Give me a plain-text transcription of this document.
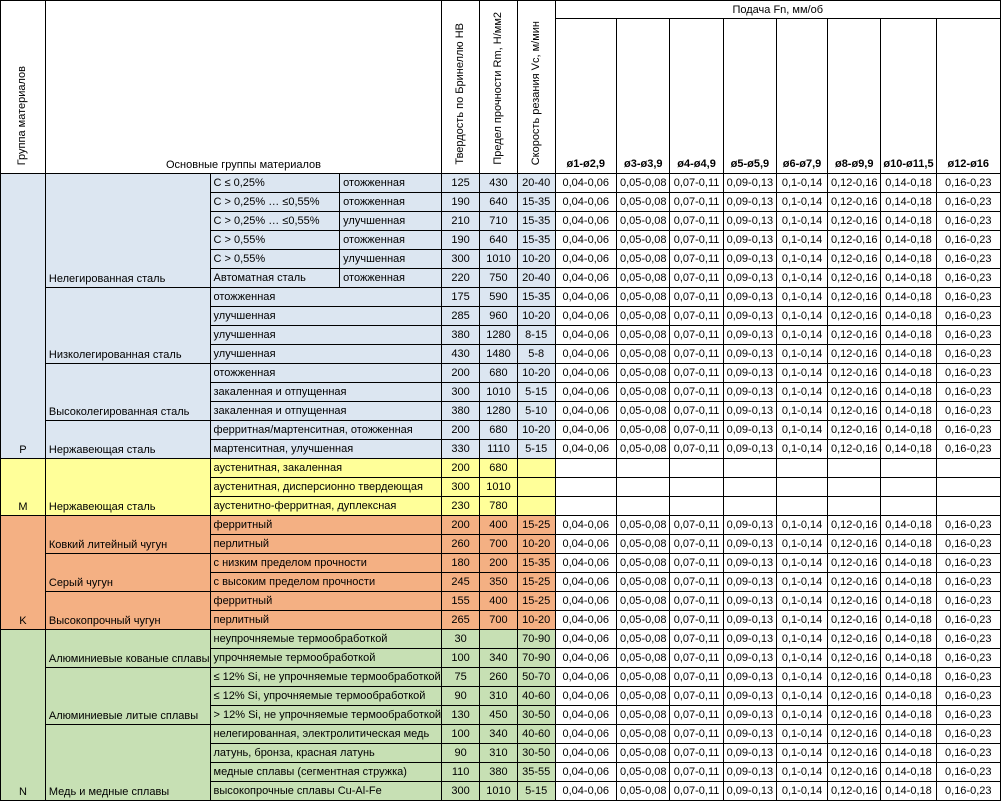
Группа материалов	Основные группы материалов			Твердость по Бринеллю HB	Предел прочности Rm, Н/мм2	Скорость резания Vc, м/мин	Подача Fn, мм/об							
							ø1-ø2,9	ø3-ø3,9	ø4-ø4,9	ø5-ø5,9	ø6-ø7,9	ø8-ø9,9	ø10-ø11,5	ø12-ø16
P	Нелегированная сталь	C ≤ 0,25%	отожженная	125	430	20-40	0,04-0,06	0,05-0,08	0,07-0,11	0,09-0,13	0,1-0,14	0,12-0,16	0,14-0,18	0,16-0,23
		C > 0,25% … ≤0,55%	отожженная	190	640	15-35	0,04-0,06	0,05-0,08	0,07-0,11	0,09-0,13	0,1-0,14	0,12-0,16	0,14-0,18	0,16-0,23
		C > 0,25% … ≤0,55%	улучшенная	210	710	15-35	0,04-0,06	0,05-0,08	0,07-0,11	0,09-0,13	0,1-0,14	0,12-0,16	0,14-0,18	0,16-0,23
		C > 0,55%	отожженная	190	640	15-35	0,04-0,06	0,05-0,08	0,07-0,11	0,09-0,13	0,1-0,14	0,12-0,16	0,14-0,18	0,16-0,23
		C > 0,55%	улучшенная	300	1010	10-20	0,04-0,06	0,05-0,08	0,07-0,11	0,09-0,13	0,1-0,14	0,12-0,16	0,14-0,18	0,16-0,23
		Автоматная сталь	отожженная	220	750	20-40	0,04-0,06	0,05-0,08	0,07-0,11	0,09-0,13	0,1-0,14	0,12-0,16	0,14-0,18	0,16-0,23
	Низколегированная сталь	отожженная		175	590	15-35	0,04-0,06	0,05-0,08	0,07-0,11	0,09-0,13	0,1-0,14	0,12-0,16	0,14-0,18	0,16-0,23
		улучшенная		285	960	10-20	0,04-0,06	0,05-0,08	0,07-0,11	0,09-0,13	0,1-0,14	0,12-0,16	0,14-0,18	0,16-0,23
		улучшенная		380	1280	8-15	0,04-0,06	0,05-0,08	0,07-0,11	0,09-0,13	0,1-0,14	0,12-0,16	0,14-0,18	0,16-0,23
		улучшенная		430	1480	5-8	0,04-0,06	0,05-0,08	0,07-0,11	0,09-0,13	0,1-0,14	0,12-0,16	0,14-0,18	0,16-0,23
	Высоколегированная сталь	отожженная		200	680	10-20	0,04-0,06	0,05-0,08	0,07-0,11	0,09-0,13	0,1-0,14	0,12-0,16	0,14-0,18	0,16-0,23
		закаленная и отпущенная		300	1010	5-15	0,04-0,06	0,05-0,08	0,07-0,11	0,09-0,13	0,1-0,14	0,12-0,16	0,14-0,18	0,16-0,23
		закаленная и отпущенная		380	1280	5-10	0,04-0,06	0,05-0,08	0,07-0,11	0,09-0,13	0,1-0,14	0,12-0,16	0,14-0,18	0,16-0,23
	Нержавеющая сталь	ферритная/мартенситная, отожженная		200	680	10-20	0,04-0,06	0,05-0,08	0,07-0,11	0,09-0,13	0,1-0,14	0,12-0,16	0,14-0,18	0,16-0,23
		мартенситная, улучшенная		330	1110	5-15	0,04-0,06	0,05-0,08	0,07-0,11	0,09-0,13	0,1-0,14	0,12-0,16	0,14-0,18	0,16-0,23
M	Нержавеющая сталь	аустенитная, закаленная		200	680									
		аустенитная, дисперсионно твердеющая		300	1010									
		аустенитно-ферритная, дуплексная		230	780									
K	Ковкий литейный чугун	ферритный		200	400	15-25	0,04-0,06	0,05-0,08	0,07-0,11	0,09-0,13	0,1-0,14	0,12-0,16	0,14-0,18	0,16-0,23
		перлитный		260	700	10-20	0,04-0,06	0,05-0,08	0,07-0,11	0,09-0,13	0,1-0,14	0,12-0,16	0,14-0,18	0,16-0,23
	Серый чугун	с низким пределом прочности		180	200	15-35	0,04-0,06	0,05-0,08	0,07-0,11	0,09-0,13	0,1-0,14	0,12-0,16	0,14-0,18	0,16-0,23
		с высоким пределом прочности		245	350	15-25	0,04-0,06	0,05-0,08	0,07-0,11	0,09-0,13	0,1-0,14	0,12-0,16	0,14-0,18	0,16-0,23
	Высокопрочный чугун	ферритный		155	400	15-25	0,04-0,06	0,05-0,08	0,07-0,11	0,09-0,13	0,1-0,14	0,12-0,16	0,14-0,18	0,16-0,23
		перлитный		265	700	10-20	0,04-0,06	0,05-0,08	0,07-0,11	0,09-0,13	0,1-0,14	0,12-0,16	0,14-0,18	0,16-0,23
N	Алюминиевые кованые сплавы	неупрочняемые термообработкой		30		70-90	0,04-0,06	0,05-0,08	0,07-0,11	0,09-0,13	0,1-0,14	0,12-0,16	0,14-0,18	0,16-0,23
		упрочняемые термообработкой		100	340	70-90	0,04-0,06	0,05-0,08	0,07-0,11	0,09-0,13	0,1-0,14	0,12-0,16	0,14-0,18	0,16-0,23
	Алюминиевые литые сплавы	≤ 12% Si, не упрочняемые термообработкой		75	260	50-70	0,04-0,06	0,05-0,08	0,07-0,11	0,09-0,13	0,1-0,14	0,12-0,16	0,14-0,18	0,16-0,23
		≤ 12% Si, упрочняемые термообработкой		90	310	40-60	0,04-0,06	0,05-0,08	0,07-0,11	0,09-0,13	0,1-0,14	0,12-0,16	0,14-0,18	0,16-0,23
		> 12% Si, не упрочняемые термообработкой		130	450	30-50	0,04-0,06	0,05-0,08	0,07-0,11	0,09-0,13	0,1-0,14	0,12-0,16	0,14-0,18	0,16-0,23
	Медь и медные сплавы	нелегированная, электролитическая медь		100	340	40-60	0,04-0,06	0,05-0,08	0,07-0,11	0,09-0,13	0,1-0,14	0,12-0,16	0,14-0,18	0,16-0,23
		латунь, бронза, красная латунь		90	310	30-50	0,04-0,06	0,05-0,08	0,07-0,11	0,09-0,13	0,1-0,14	0,12-0,16	0,14-0,18	0,16-0,23
		медные сплавы (сегментная стружка)		110	380	35-55	0,04-0,06	0,05-0,08	0,07-0,11	0,09-0,13	0,1-0,14	0,12-0,16	0,14-0,18	0,16-0,23
		высокопрочные сплавы Cu-Al-Fe		300	1010	5-15	0,04-0,06	0,05-0,08	0,07-0,11	0,09-0,13	0,1-0,14	0,12-0,16	0,14-0,18	0,16-0,23
